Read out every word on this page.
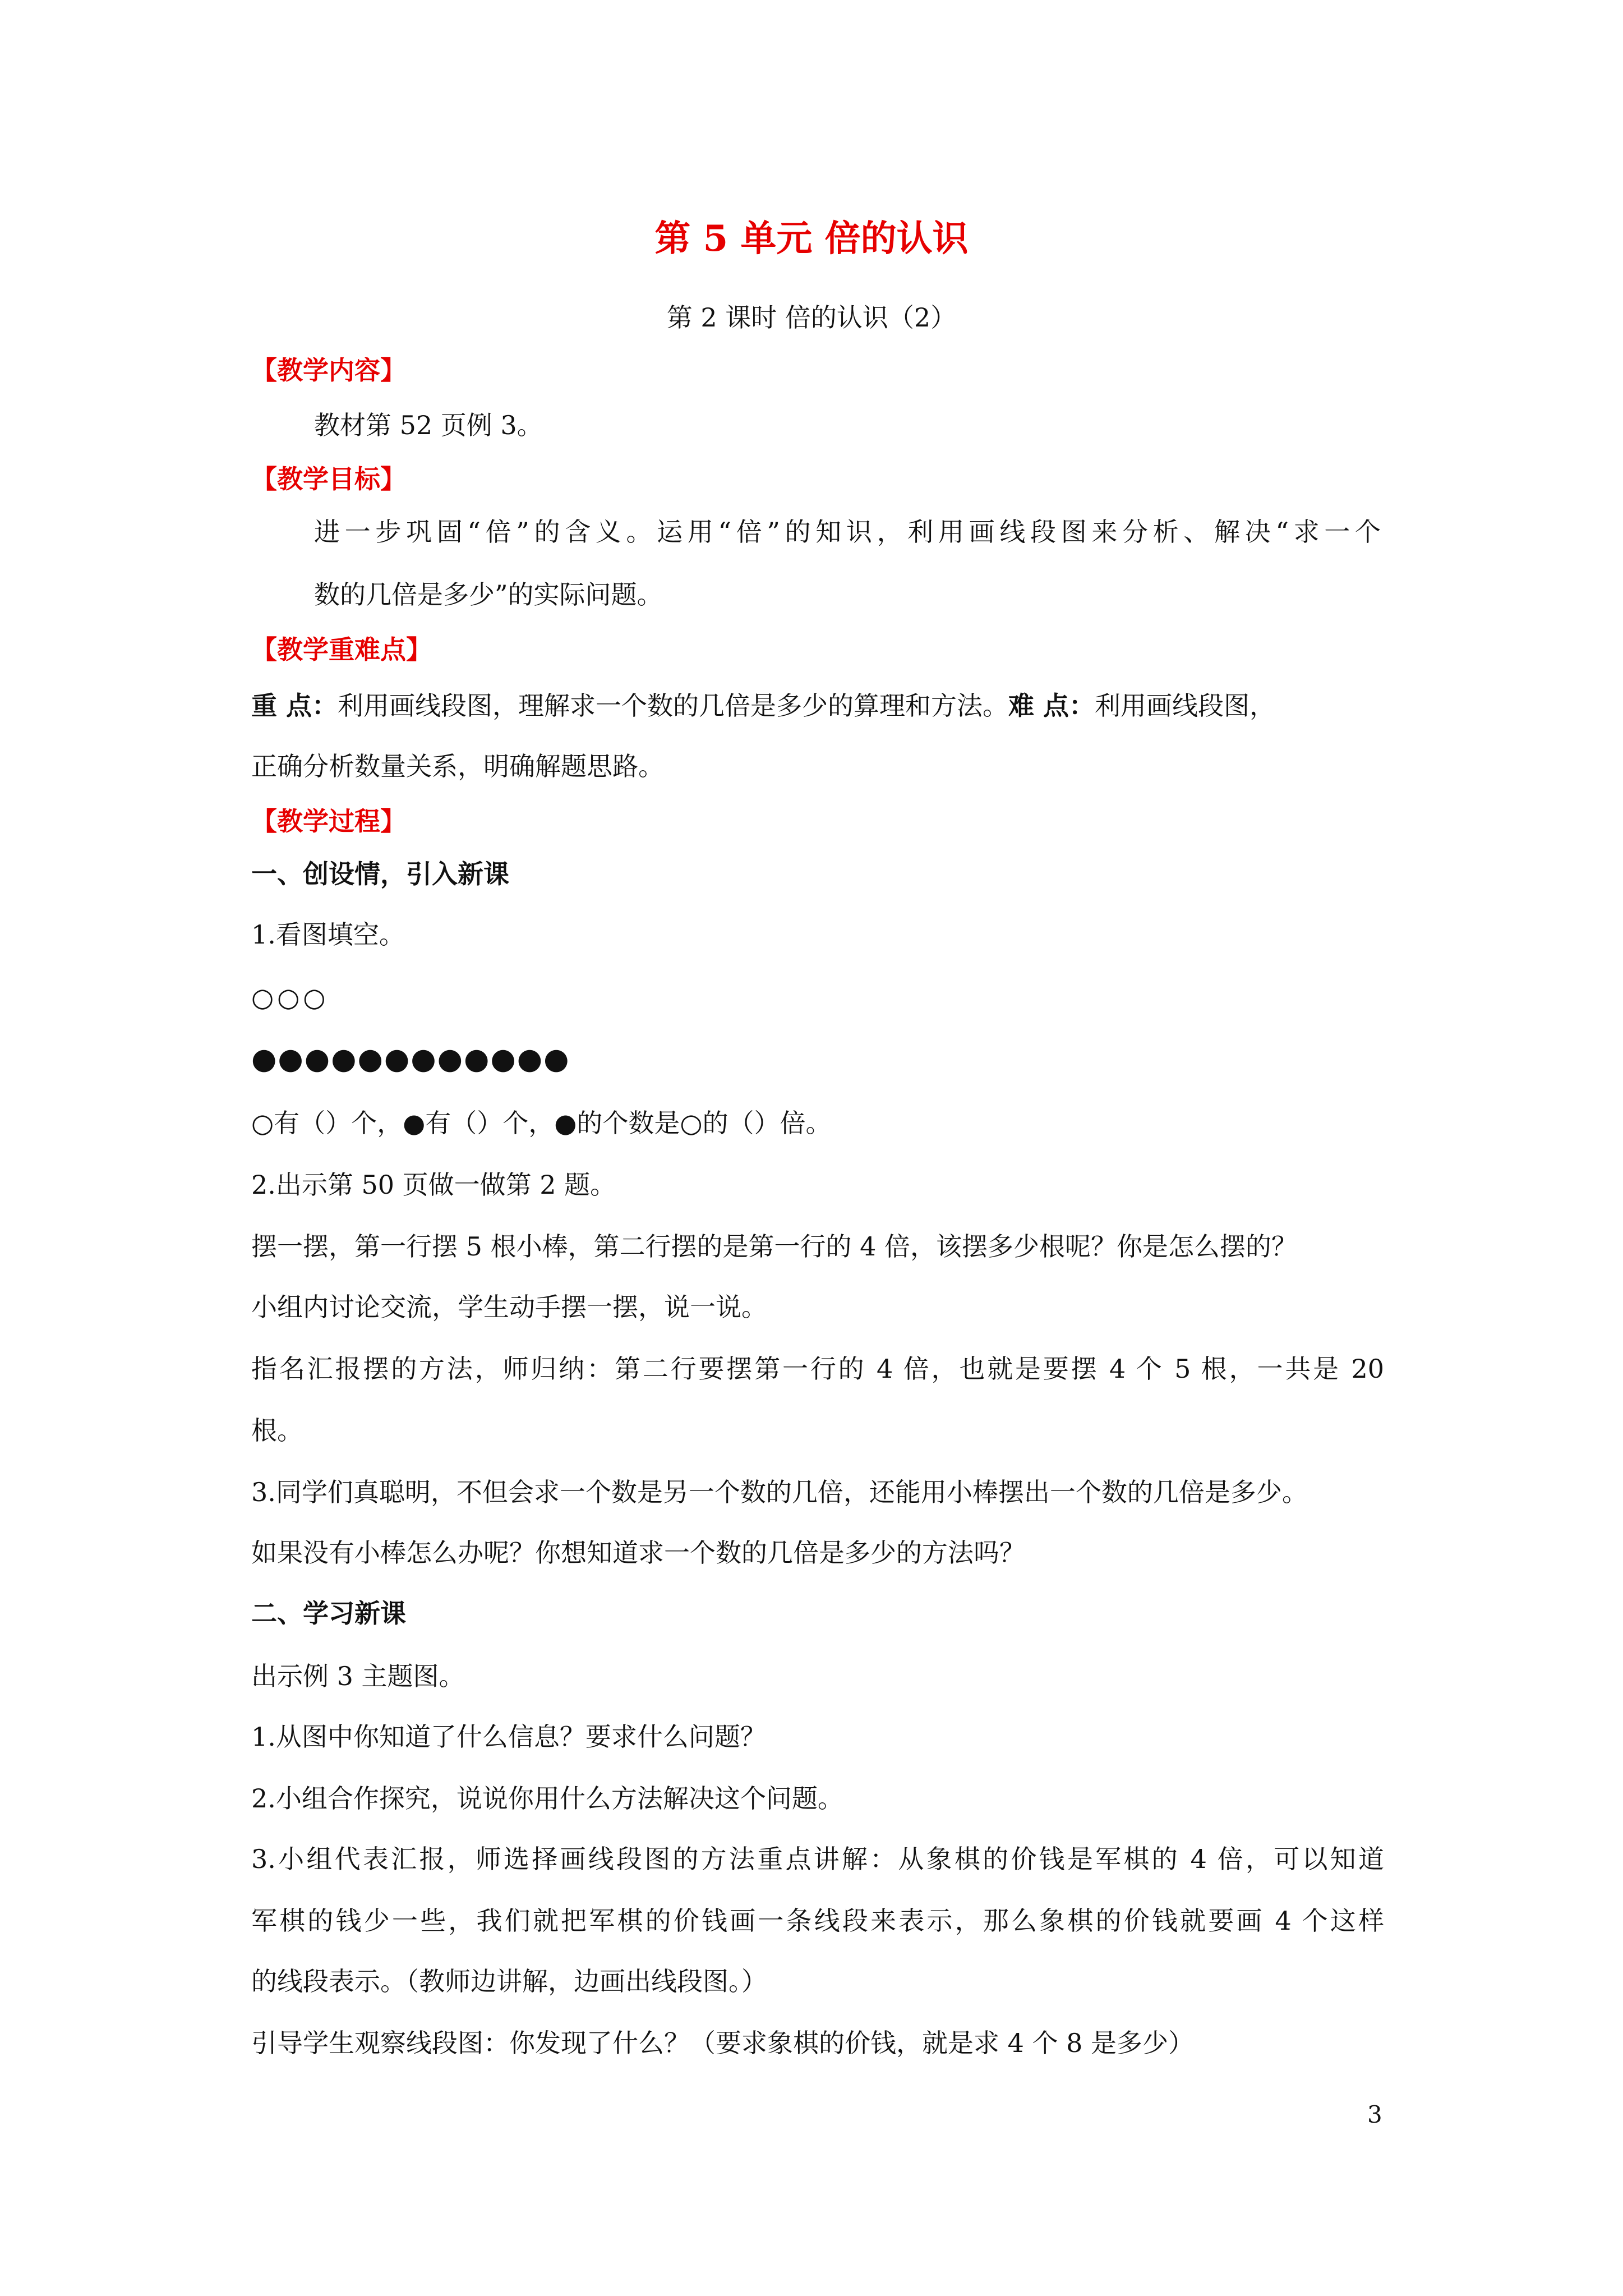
第 5 单元 倍的认识
第 2 课时 倍的认识（2）
【教学内容】
教材第 52 页例 3。
【教学目标】
进一步巩固“倍”的含义。运用“倍”的知识，利用画线段图来分析、解决“求一个
数的几倍是多少”的实际问题。
【教学重难点】
重 点：利用画线段图，理解求一个数的几倍是多少的算理和方法。难 点：利用画线段图，
正确分析数量关系，明确解题思路。
【教学过程】
一、创设情，引入新课
1.看图填空。
○○○
●●●●●●●●●●●●
○有（）个，●有（）个，●的个数是○的（）倍。
2.出示第 50 页做一做第 2 题。
摆一摆，第一行摆 5 根小棒，第二行摆的是第一行的 4 倍，该摆多少根呢？你是怎么摆的？
小组内讨论交流，学生动手摆一摆，说一说。
指名汇报摆的方法，师归纳：第二行要摆第一行的 4 倍，也就是要摆 4 个 5 根，一共是 20
根。
3.同学们真聪明，不但会求一个数是另一个数的几倍，还能用小棒摆出一个数的几倍是多少。
如果没有小棒怎么办呢？你想知道求一个数的几倍是多少的方法吗？
二、学习新课
出示例 3 主题图。
1.从图中你知道了什么信息？要求什么问题？
2.小组合作探究，说说你用什么方法解决这个问题。
3.小组代表汇报，师选择画线段图的方法重点讲解：从象棋的价钱是军棋的 4 倍，可以知道
军棋的钱少一些，我们就把军棋的价钱画一条线段来表示，那么象棋的价钱就要画 4 个这样
的线段表示。（教师边讲解，边画出线段图。）
引导学生观察线段图：你发现了什么？（要求象棋的价钱，就是求 4 个 8 是多少）
3
